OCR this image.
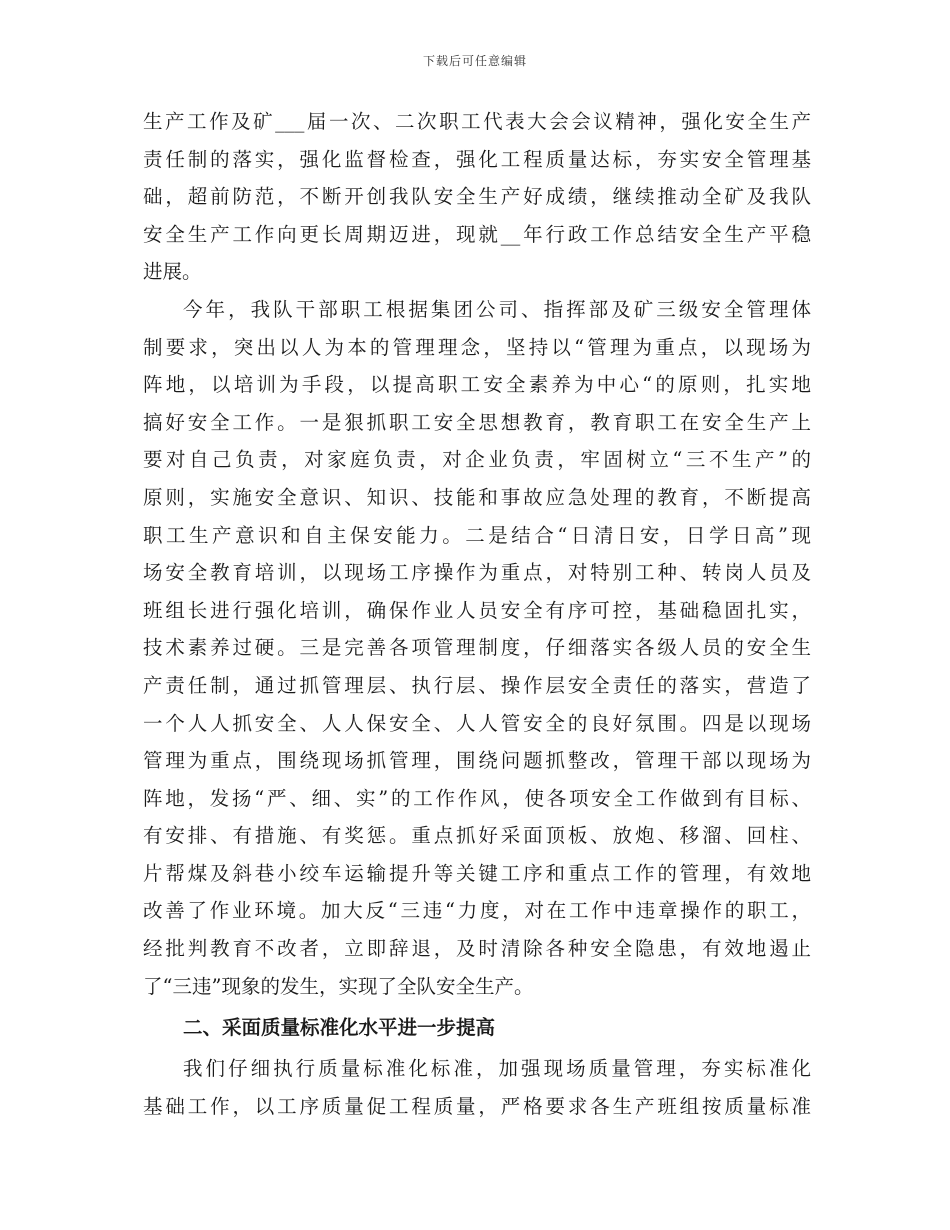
下载后可任意编辑
生产工作及矿___届一次、二次职工代表大会会议精神，强化安全生产
责任制的落实，强化监督检查，强化工程质量达标，夯实安全管理基
础，超前防范，不断开创我队安全生产好成绩，继续推动全矿及我队
安全生产工作向更长周期迈进，现就__年行政工作总结安全生产平稳
进展。
今年，我队干部职工根据集团公司、指挥部及矿三级安全管理体
制要求，突出以人为本的管理理念，坚持以“管理为重点，以现场为
阵地，以培训为手段，以提高职工安全素养为中心“的原则，扎实地
搞好安全工作。一是狠抓职工安全思想教育，教育职工在安全生产上
要对自己负责，对家庭负责，对企业负责，牢固树立“三不生产”的
原则，实施安全意识、知识、技能和事故应急处理的教育，不断提高
职工生产意识和自主保安能力。二是结合“日清日安，日学日高”现
场安全教育培训，以现场工序操作为重点，对特别工种、转岗人员及
班组长进行强化培训，确保作业人员安全有序可控，基础稳固扎实，
技术素养过硬。三是完善各项管理制度，仔细落实各级人员的安全生
产责任制，通过抓管理层、执行层、操作层安全责任的落实，营造了
一个人人抓安全、人人保安全、人人管安全的良好氛围。四是以现场
管理为重点，围绕现场抓管理，围绕问题抓整改，管理干部以现场为
阵地，发扬“严、细、实”的工作作风，使各项安全工作做到有目标、
有安排、有措施、有奖惩。重点抓好采面顶板、放炮、移溜、回柱、
片帮煤及斜巷小绞车运输提升等关键工序和重点工作的管理，有效地
改善了作业环境。加大反“三违“力度，对在工作中违章操作的职工，
经批判教育不改者，立即辞退，及时清除各种安全隐患，有效地遏止
了“三违”现象的发生，实现了全队安全生产。
二、采面质量标准化水平进一步提高
我们仔细执行质量标准化标准，加强现场质量管理，夯实标准化
基础工作，以工序质量促工程质量，严格要求各生产班组按质量标准
